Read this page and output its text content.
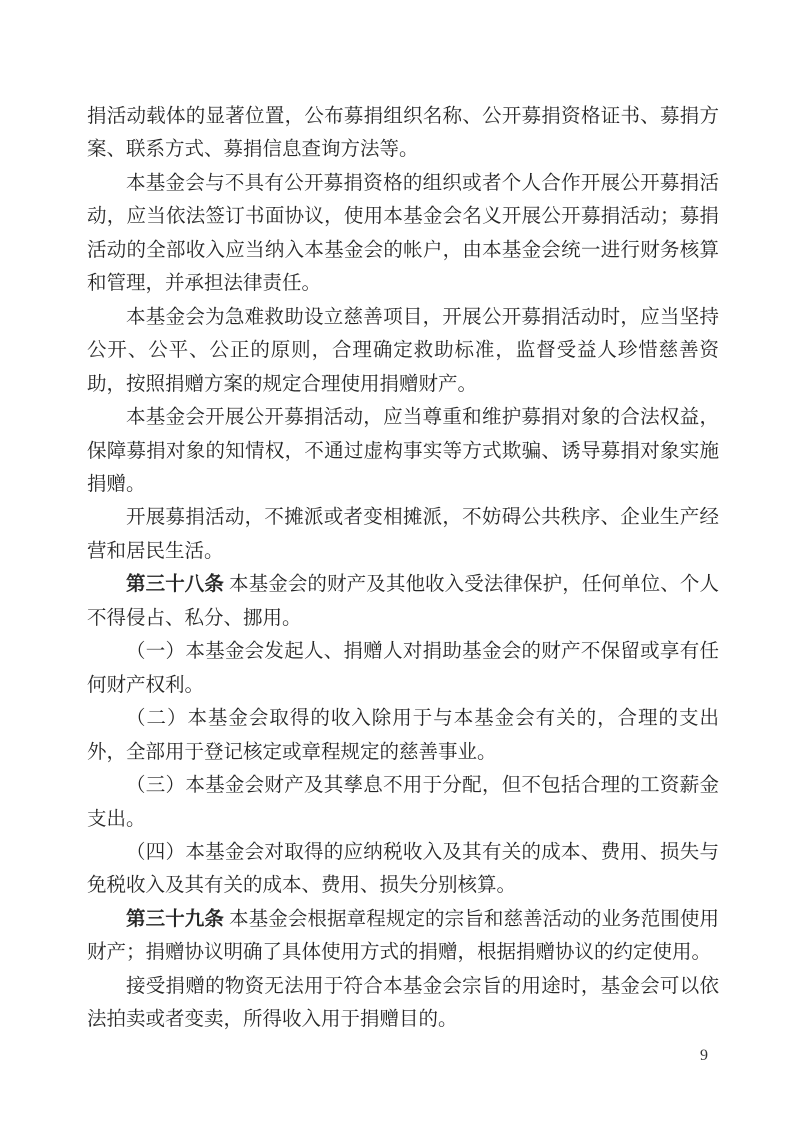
捐活动载体的显著位置，公布募捐组织名称、公开募捐资格证书、募捐方案、联系方式、募捐信息查询方法等。

本基金会与不具有公开募捐资格的组织或者个人合作开展公开募捐活动，应当依法签订书面协议，使用本基金会名义开展公开募捐活动；募捐活动的全部收入应当纳入本基金会的帐户，由本基金会统一进行财务核算和管理，并承担法律责任。

本基金会为急难救助设立慈善项目，开展公开募捐活动时，应当坚持公开、公平、公正的原则，合理确定救助标准，监督受益人珍惜慈善资助，按照捐赠方案的规定合理使用捐赠财产。

本基金会开展公开募捐活动，应当尊重和维护募捐对象的合法权益，保障募捐对象的知情权，不通过虚构事实等方式欺骗、诱导募捐对象实施捐赠。

开展募捐活动，不摊派或者变相摊派，不妨碍公共秩序、企业生产经营和居民生活。

第三十八条 本基金会的财产及其他收入受法律保护，任何单位、个人不得侵占、私分、挪用。

（一）本基金会发起人、捐赠人对捐助基金会的财产不保留或享有任何财产权利。

（二）本基金会取得的收入除用于与本基金会有关的，合理的支出外，全部用于登记核定或章程规定的慈善事业。

（三）本基金会财产及其孳息不用于分配，但不包括合理的工资薪金支出。

（四）本基金会对取得的应纳税收入及其有关的成本、费用、损失与免税收入及其有关的成本、费用、损失分别核算。

第三十九条 本基金会根据章程规定的宗旨和慈善活动的业务范围使用财产；捐赠协议明确了具体使用方式的捐赠，根据捐赠协议的约定使用。

接受捐赠的物资无法用于符合本基金会宗旨的用途时，基金会可以依法拍卖或者变卖，所得收入用于捐赠目的。

9
